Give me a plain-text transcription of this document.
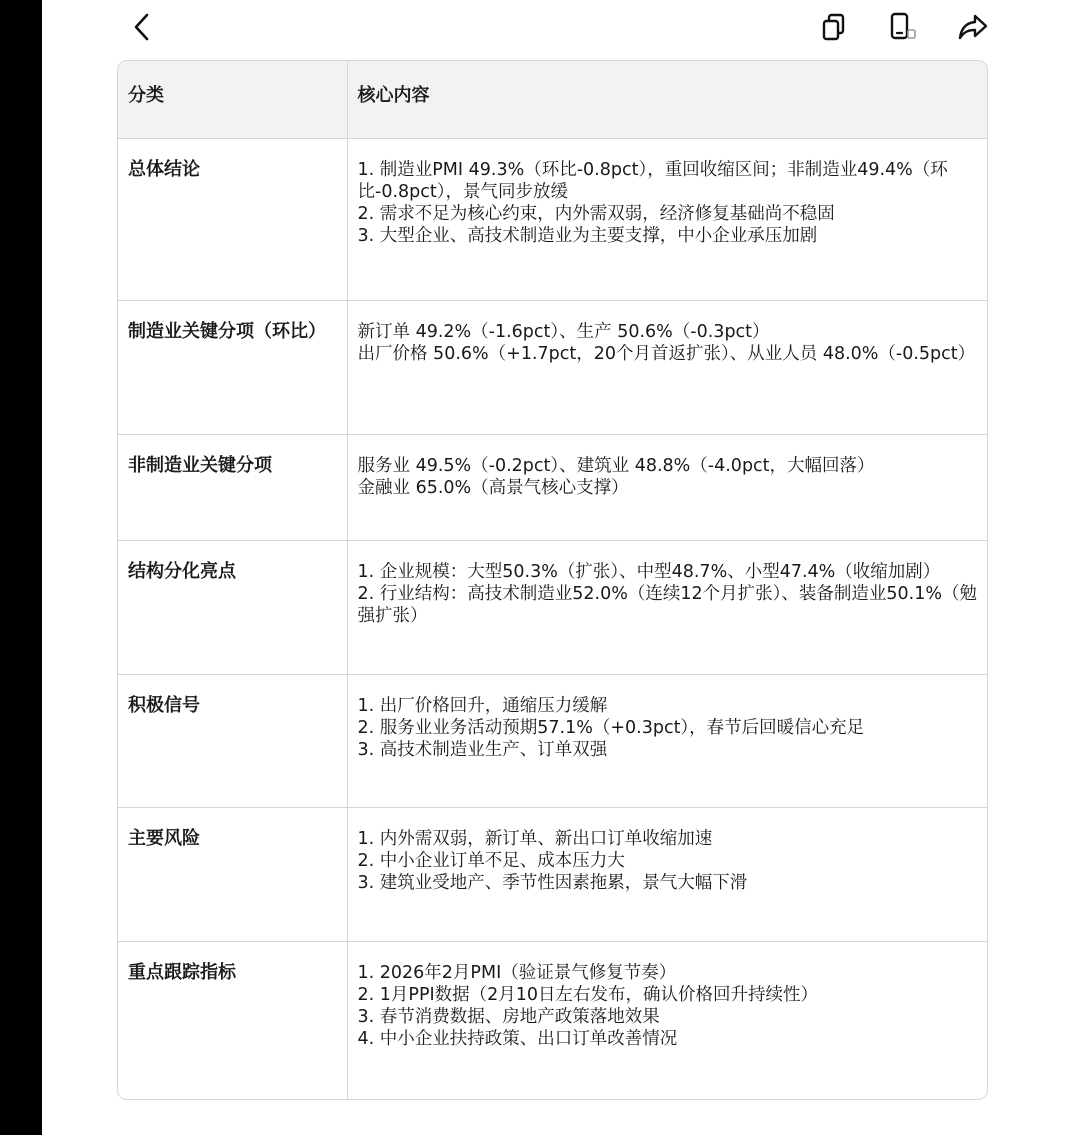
分类	核心内容

总体结论	1. 制造业PMI 49.3%（环比-0.8pct），重回收缩区间；非制造业49.4%（环比-0.8pct），景气同步放缓
2. 需求不足为核心约束，内外需双弱，经济修复基础尚不稳固
3. 大型企业、高技术制造业为主要支撑，中小企业承压加剧

制造业关键分项（环比）	新订单 49.2%（-1.6pct）、生产 50.6%（-0.3pct）
出厂价格 50.6%（+1.7pct，20个月首返扩张）、从业人员 48.0%（-0.5pct）

非制造业关键分项	服务业 49.5%（-0.2pct）、建筑业 48.8%（-4.0pct，大幅回落）
金融业 65.0%（高景气核心支撑）

结构分化亮点	1. 企业规模：大型50.3%（扩张）、中型48.7%、小型47.4%（收缩加剧）
2. 行业结构：高技术制造业52.0%（连续12个月扩张）、装备制造业50.1%（勉强扩张）

积极信号	1. 出厂价格回升，通缩压力缓解
2. 服务业业务活动预期57.1%（+0.3pct），春节后回暖信心充足
3. 高技术制造业生产、订单双强

主要风险	1. 内外需双弱，新订单、新出口订单收缩加速
2. 中小企业订单不足、成本压力大
3. 建筑业受地产、季节性因素拖累，景气大幅下滑

重点跟踪指标	1. 2026年2月PMI（验证景气修复节奏）
2. 1月PPI数据（2月10日左右发布，确认价格回升持续性）
3. 春节消费数据、房地产政策落地效果
4. 中小企业扶持政策、出口订单改善情况
